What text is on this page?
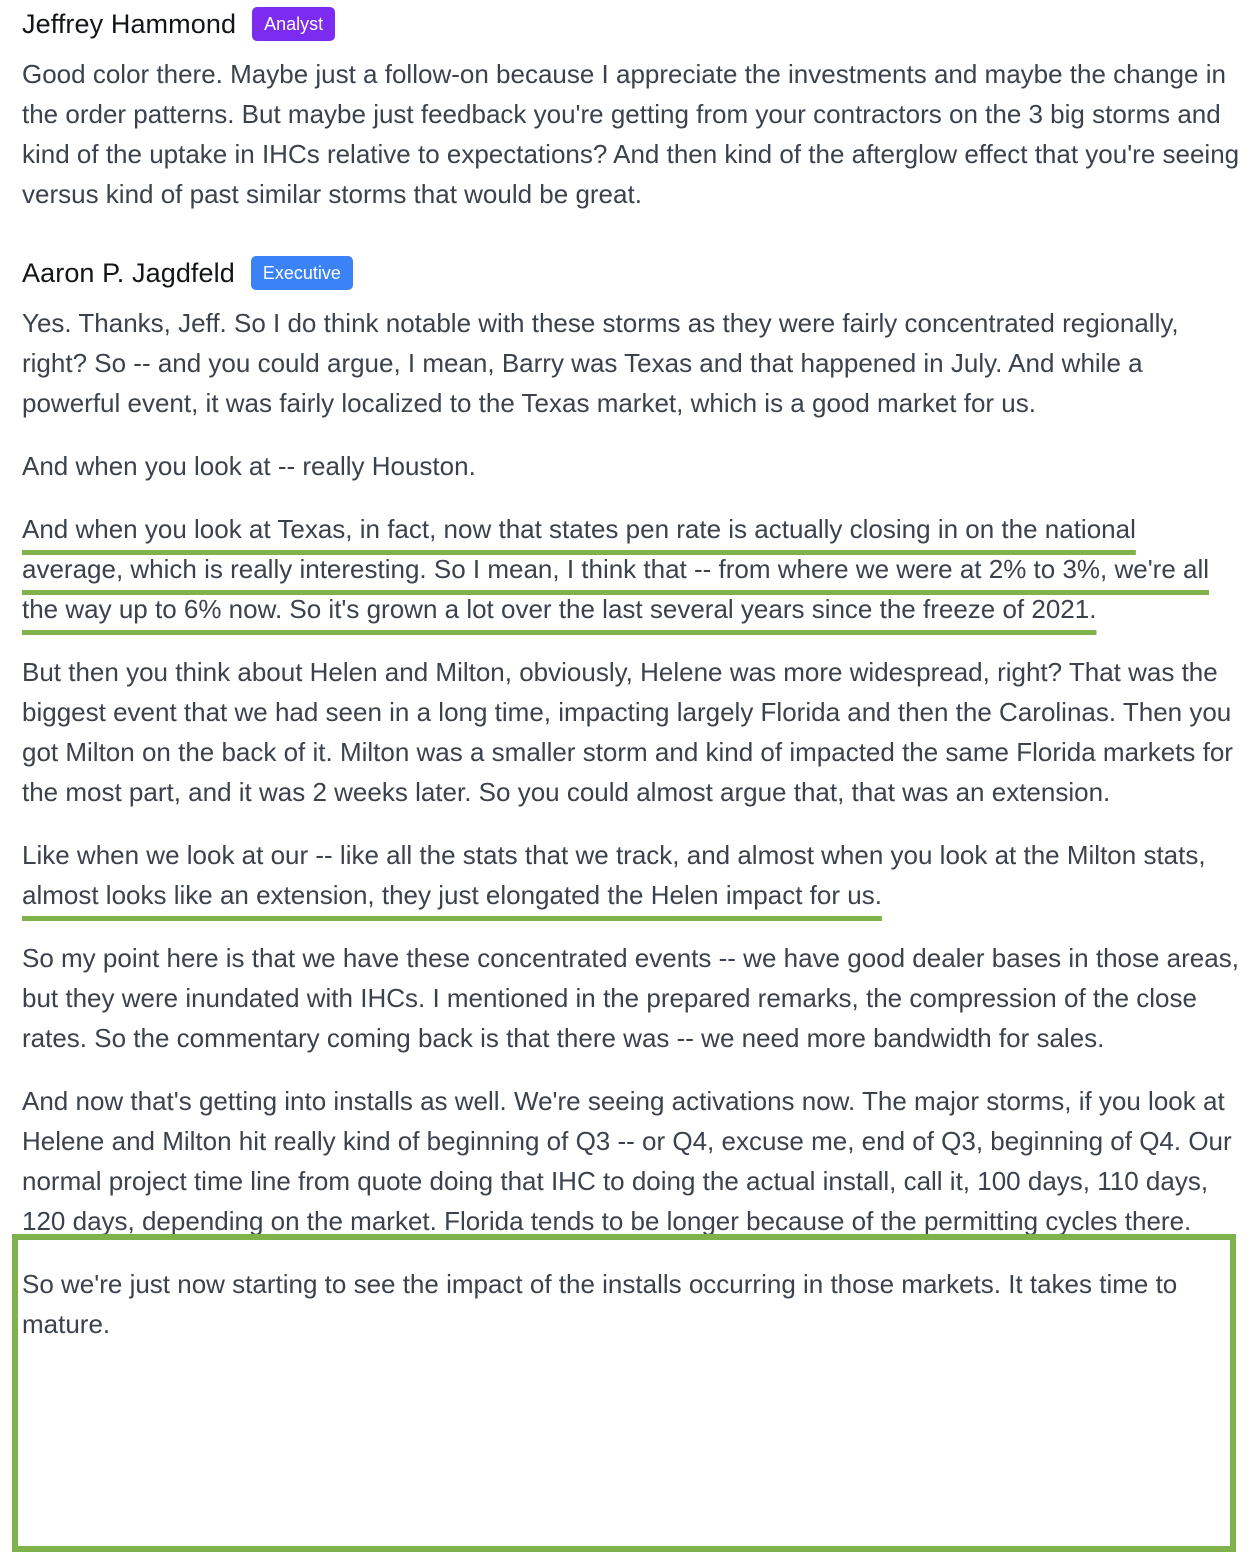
Jeffrey Hammond	Analyst

Good color there. Maybe just a follow-on because I appreciate the investments and maybe the change in the order patterns. But maybe just feedback you're getting from your contractors on the 3 big storms and kind of the uptake in IHCs relative to expectations? And then kind of the afterglow effect that you're seeing versus kind of past similar storms that would be great.

Aaron P. Jagdfeld	Executive

Yes. Thanks, Jeff. So I do think notable with these storms as they were fairly concentrated regionally, right? So -- and you could argue, I mean, Barry was Texas and that happened in July. And while a powerful event, it was fairly localized to the Texas market, which is a good market for us.

And when you look at -- really Houston.

And when you look at Texas, in fact, now that states pen rate is actually closing in on the national average, which is really interesting. So I mean, I think that -- from where we were at 2% to 3%, we're all the way up to 6% now. So it's grown a lot over the last several years since the freeze of 2021.

But then you think about Helen and Milton, obviously, Helene was more widespread, right? That was the biggest event that we had seen in a long time, impacting largely Florida and then the Carolinas. Then you got Milton on the back of it. Milton was a smaller storm and kind of impacted the same Florida markets for the most part, and it was 2 weeks later. So you could almost argue that, that was an extension.

Like when we look at our -- like all the stats that we track, and almost when you look at the Milton stats, almost looks like an extension, they just elongated the Helen impact for us.

So my point here is that we have these concentrated events -- we have good dealer bases in those areas, but they were inundated with IHCs. I mentioned in the prepared remarks, the compression of the close rates. So the commentary coming back is that there was -- we need more bandwidth for sales.

And now that's getting into installs as well. We're seeing activations now. The major storms, if you look at Helene and Milton hit really kind of beginning of Q3 -- or Q4, excuse me, end of Q3, beginning of Q4. Our normal project time line from quote doing that IHC to doing the actual install, call it, 100 days, 110 days, 120 days, depending on the market. Florida tends to be longer because of the permitting cycles there.

So we're just now starting to see the impact of the installs occurring in those markets. It takes time to mature.
